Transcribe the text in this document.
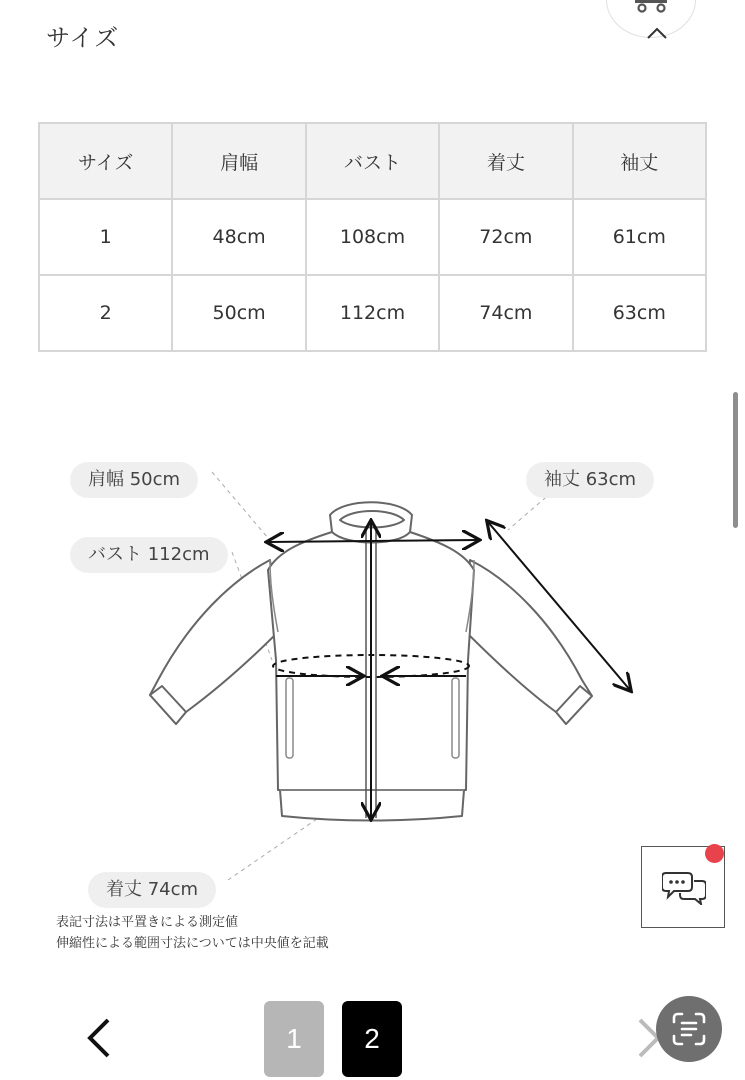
サイズ
サイズ	肩幅	バスト	着丈	袖丈
1	48cm	108cm	72cm	61cm
2	50cm	112cm	74cm	63cm
肩幅 50cm
バスト 112cm
袖丈 63cm
着丈 74cm
表記寸法は平置きによる測定値
伸縮性による範囲寸法については中央値を記載
1	2
